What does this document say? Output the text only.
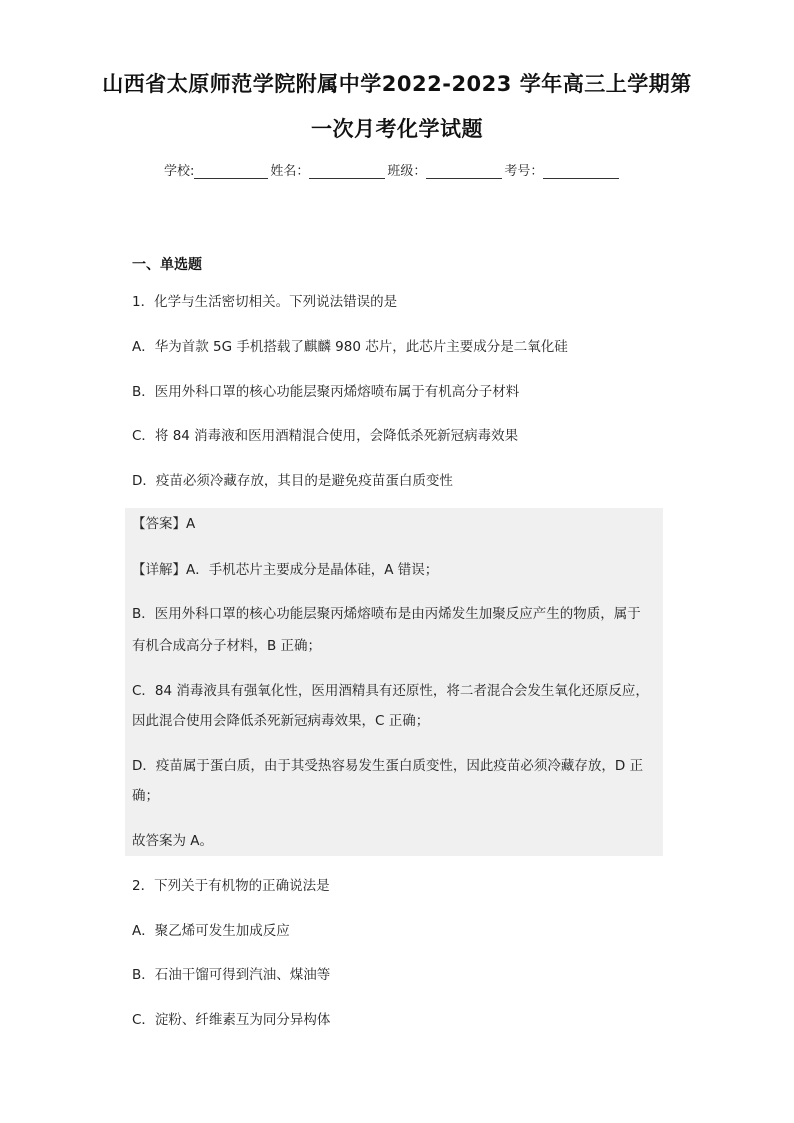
山西省太原师范学院附属中学2022-2023 学年高三上学期第
一次月考化学试题
学校:	姓名：	班级：	考号：
一、单选题
1．化学与生活密切相关。下列说法错误的是
A．华为首款 5G 手机搭载了麒麟 980 芯片，此芯片主要成分是二氧化硅
B．医用外科口罩的核心功能层聚丙烯熔喷布属于有机高分子材料
C．将 84 消毒液和医用酒精混合使用，会降低杀死新冠病毒效果
D．疫苗必须冷藏存放，其目的是避免疫苗蛋白质变性
【答案】A
【详解】A．手机芯片主要成分是晶体硅，A 错误；
B．医用外科口罩的核心功能层聚丙烯熔喷布是由丙烯发生加聚反应产生的物质，属于
有机合成高分子材料，B 正确；
C．84 消毒液具有强氧化性，医用酒精具有还原性，将二者混合会发生氧化还原反应，
因此混合使用会降低杀死新冠病毒效果，C 正确；
D．疫苗属于蛋白质，由于其受热容易发生蛋白质变性，因此疫苗必须冷藏存放，D 正
确；
故答案为 A。
2．下列关于有机物的正确说法是
A．聚乙烯可发生加成反应
B．石油干馏可得到汽油、煤油等
C．淀粉、纤维素互为同分异构体
